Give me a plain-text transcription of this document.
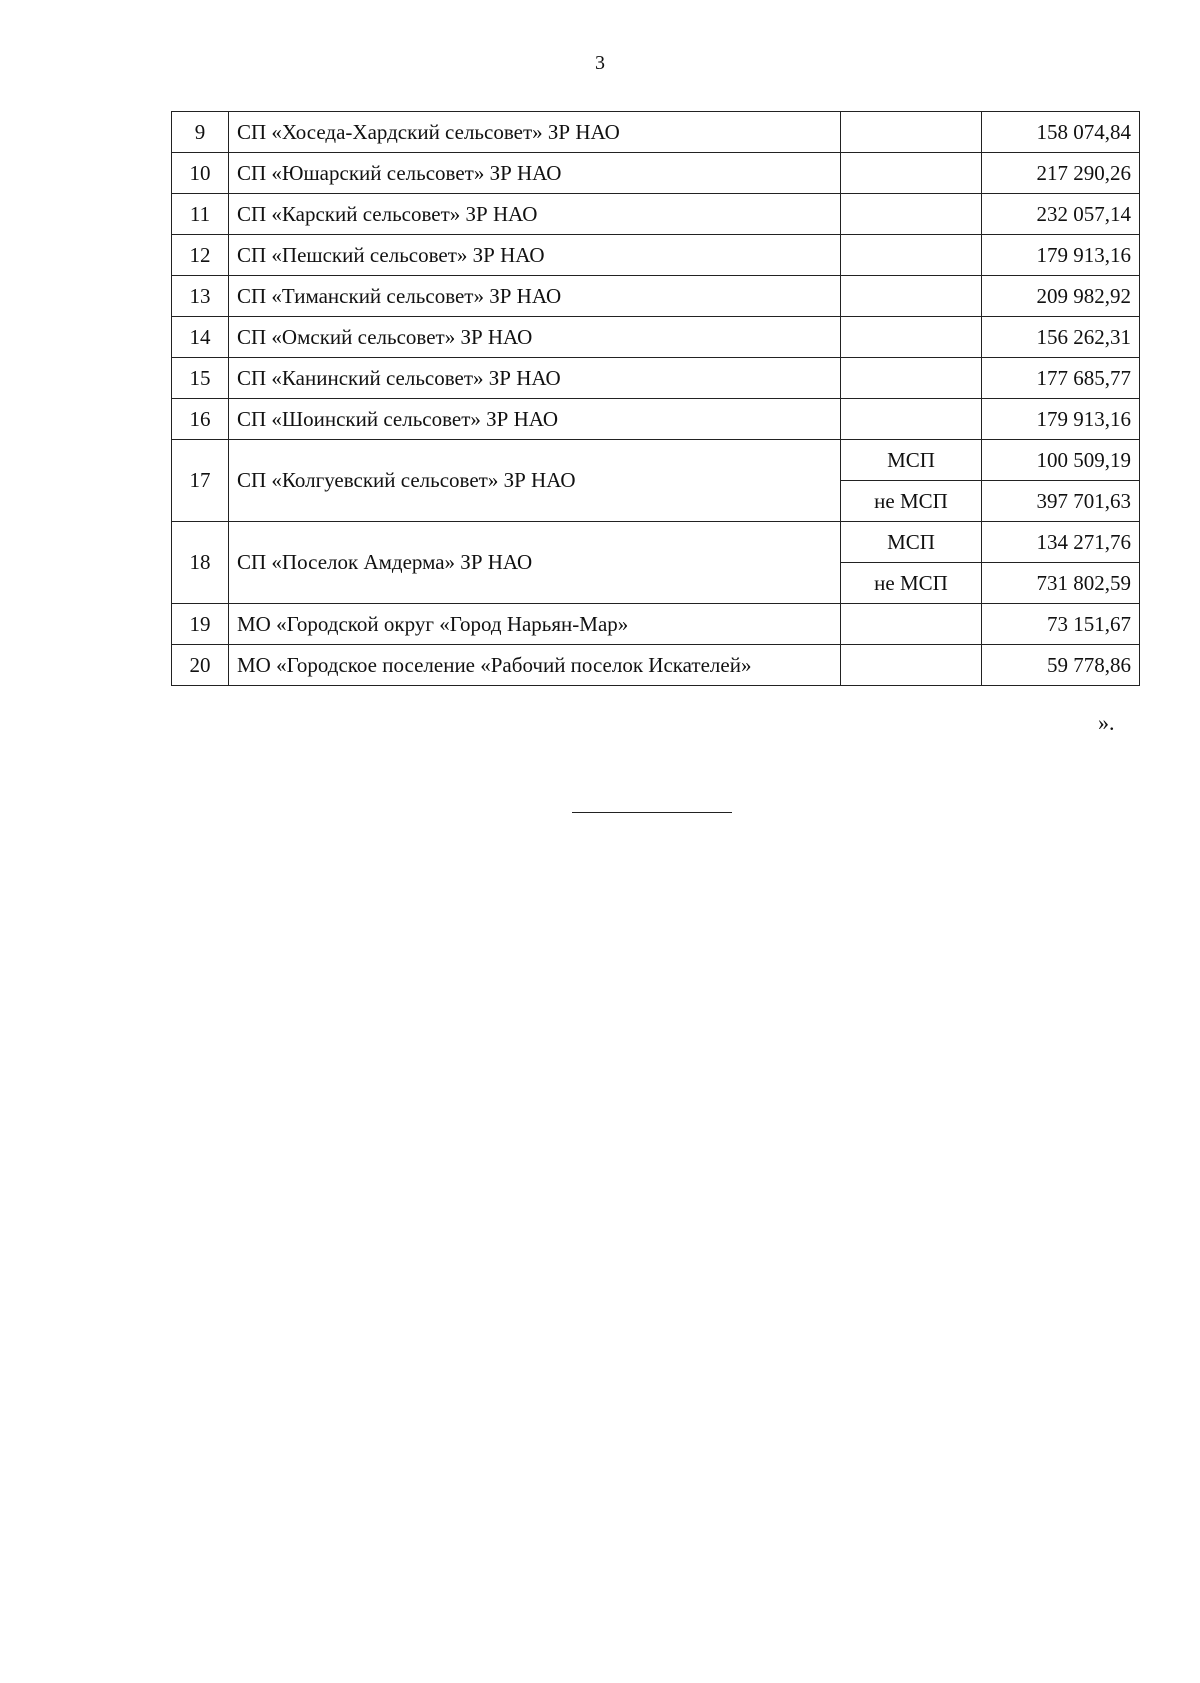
3
9	СП «Хоседа-Хардский сельсовет» ЗР НАО		158 074,84
10	СП «Юшарский сельсовет» ЗР НАО		217 290,26
11	СП «Карский сельсовет» ЗР НАО		232 057,14
12	СП «Пешский сельсовет» ЗР НАО		179 913,16
13	СП «Тиманский сельсовет» ЗР НАО		209 982,92
14	СП «Омский сельсовет» ЗР НАО		156 262,31
15	СП «Канинский сельсовет» ЗР НАО		177 685,77
16	СП «Шоинский сельсовет» ЗР НАО		179 913,16
17	СП «Колгуевский сельсовет» ЗР НАО	МСП	100 509,19
		не МСП	397 701,63
18	СП «Поселок Амдерма» ЗР НАО	МСП	134 271,76
		не МСП	731 802,59
19	МО «Городской округ «Город Нарьян-Мар»		73 151,67
20	МО «Городское поселение «Рабочий поселок Искателей»		59 778,86
».
